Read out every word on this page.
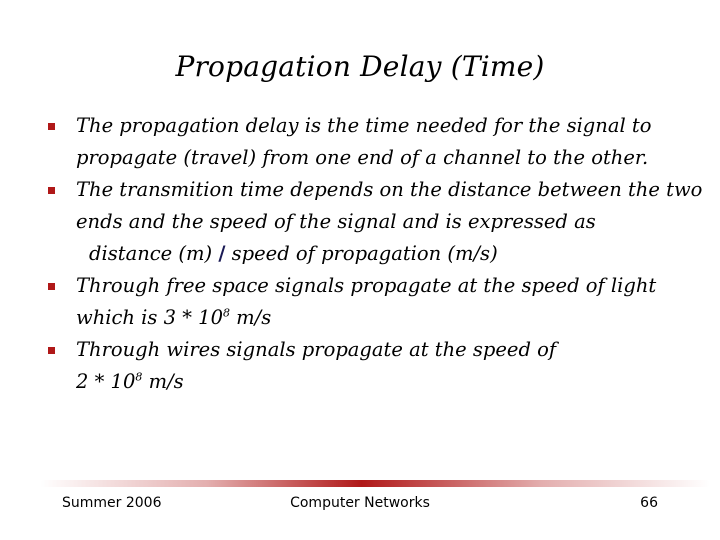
Propagation Delay (Time)
The propagation delay is the time needed for the signal to
propagate (travel) from one end of a channel to the other.
The transmition time depends on the distance between the two
ends and the speed of the signal and is expressed as
distance (m) / speed of propagation (m/s)
Through free space signals propagate at the speed of light
which is $3 * 10^8$ m/s
Through wires signals propagate at the speed of
$2 * 10^8$ m/s
Summer 2006	Computer Networks	66
